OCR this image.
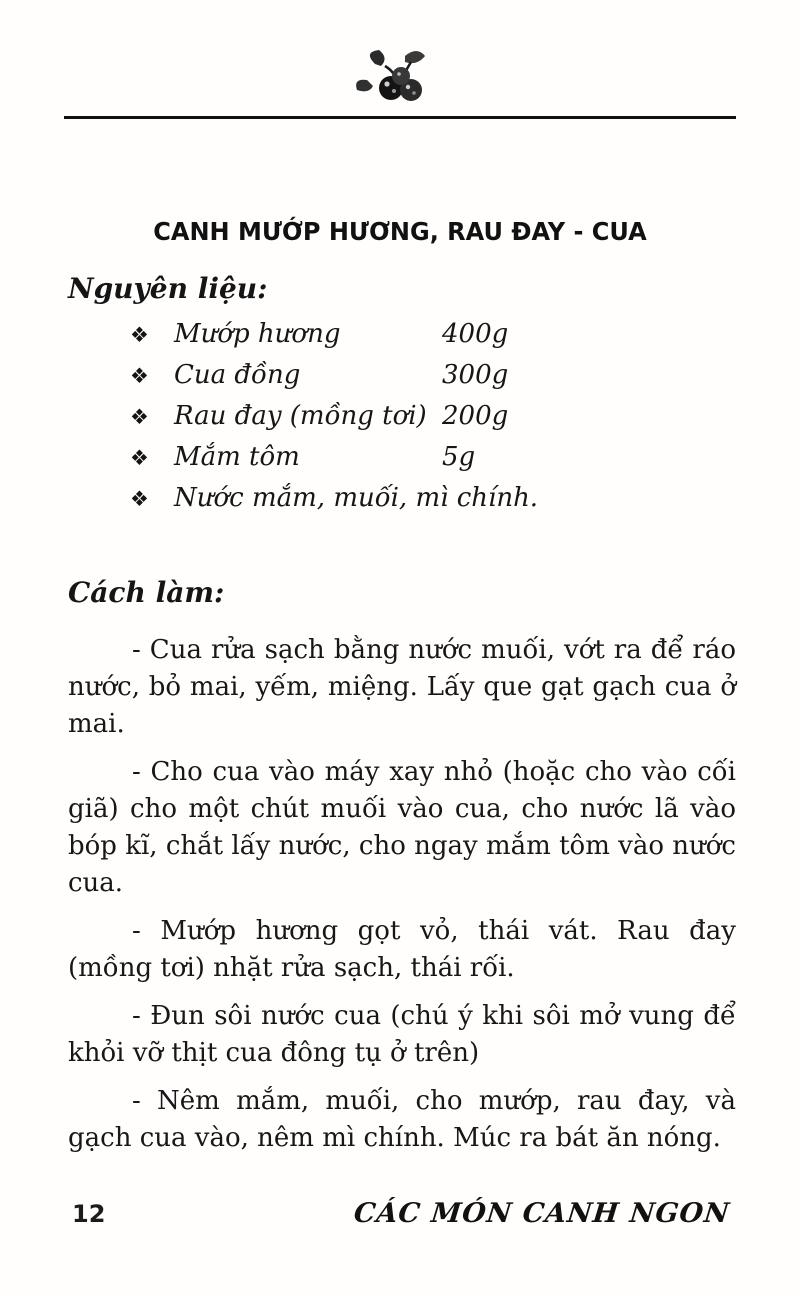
CANH MƯỚP HƯƠNG, RAU ĐAY - CUA
Nguyên liệu:
❖ Mướp hương	400g
❖ Cua đồng	300g
❖ Rau đay (mồng tơi) 200g
❖ Mắm tôm	5g
❖ Nước mắm, muối, mì chính.
Cách làm:

- Cua rửa sạch bằng nước muối, vớt ra để ráo nước, bỏ mai, yếm, miệng. Lấy que gạt gạch cua ở mai.

- Cho cua vào máy xay nhỏ (hoặc cho vào cối giã) cho một chút muối vào cua, cho nước lã vào bóp kĩ, chắt lấy nước, cho ngay mắm tôm vào nước cua.

- Mướp hương gọt vỏ, thái vát. Rau đay (mồng tơi) nhặt rửa sạch, thái rối.

- Đun sôi nước cua (chú ý khi sôi mở vung để khỏi vỡ thịt cua đông tụ ở trên)

- Nêm mắm, muối, cho mướp, rau đay, và gạch cua vào, nêm mì chính. Múc ra bát ăn nóng.

12	CÁC MÓN CANH NGON
